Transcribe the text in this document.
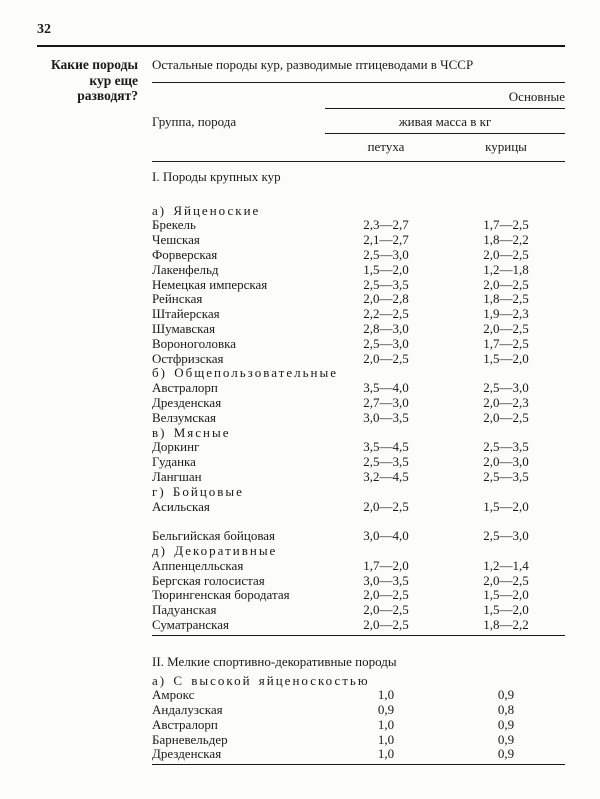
32
Какие породы
кур еще
разводят?
Остальные породы кур, разводимые птицеводами в ЧССР
Основные
Группа, порода	живая масса в кг
петуха	курицы
I. Породы крупных кур
а) Яйценоские
Брекель	2,3—2,7	1,7—2,5
Чешская	2,1—2,7	1,8—2,2
Форверская	2,5—3,0	2,0—2,5
Лакенфельд	1,5—2,0	1,2—1,8
Немецкая имперская	2,5—3,5	2,0—2,5
Рейнская	2,0—2,8	1,8—2,5
Штайерская	2,2—2,5	1,9—2,3
Шумавская	2,8—3,0	2,0—2,5
Вороноголовка	2,5—3,0	1,7—2,5
Остфризская	2,0—2,5	1,5—2,0
б) Общепользовательные
Австралорп	3,5—4,0	2,5—3,0
Дрезденская	2,7—3,0	2,0—2,3
Велзумская	3,0—3,5	2,0—2,5
в) Мясные
Доркинг	3,5—4,5	2,5—3,5
Гуданка	2,5—3,5	2,0—3,0
Лангшан	3,2—4,5	2,5—3,5
г) Бойцовые
Асильская	2,0—2,5	1,5—2,0
Бельгийская бойцовая	3,0—4,0	2,5—3,0
д) Декоративные
Аппенцелльская	1,7—2,0	1,2—1,4
Бергская голосистая	3,0—3,5	2,0—2,5
Тюрингенская бородатая	2,0—2,5	1,5—2,0
Падуанская	2,0—2,5	1,5—2,0
Суматранская	2,0—2,5	1,8—2,2
II. Мелкие спортивно-декоративные породы
а) С высокой яйценоскостью
Амрокс	1,0	0,9
Андалузская	0,9	0,8
Австралорп	1,0	0,9
Барневельдер	1,0	0,9
Дрезденская	1,0	0,9
